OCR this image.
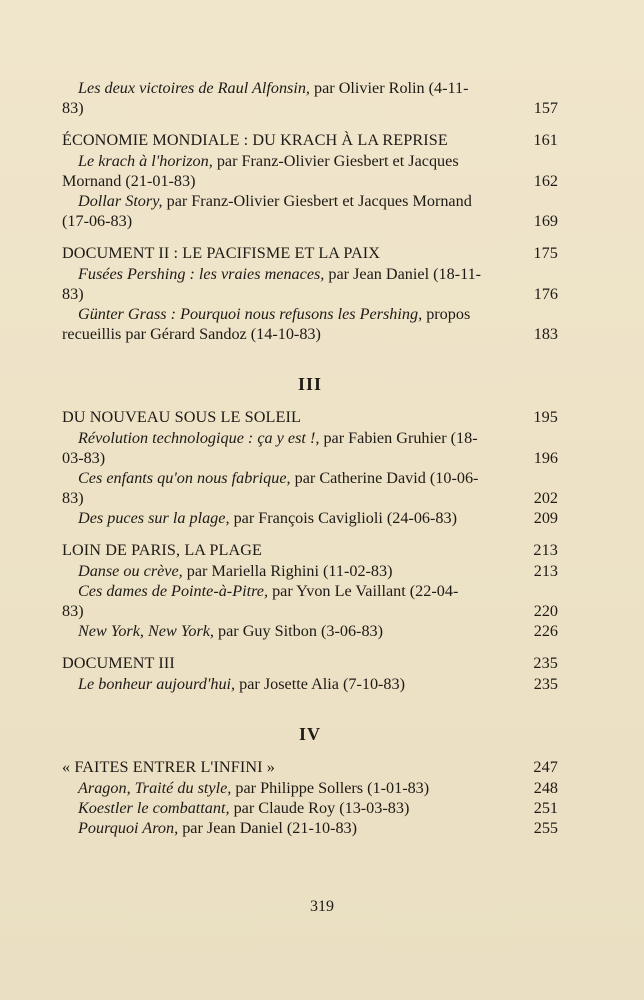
Les deux victoires de Raul Alfonsin, par Olivier Rolin (4-11-
83)	157
ÉCONOMIE MONDIALE : DU KRACH À LA REPRISE	161
Le krach à l'horizon, par Franz-Olivier Giesbert et Jacques
Mornand (21-01-83)	162
Dollar Story, par Franz-Olivier Giesbert et Jacques Mornand
(17-06-83)	169
DOCUMENT II : LE PACIFISME ET LA PAIX	175
Fusées Pershing : les vraies menaces, par Jean Daniel (18-11-
83)	176
Günter Grass : Pourquoi nous refusons les Pershing, propos
recueillis par Gérard Sandoz (14-10-83)	183
III
DU NOUVEAU SOUS LE SOLEIL	195
Révolution technologique : ça y est !, par Fabien Gruhier (18-
03-83)	196
Ces enfants qu'on nous fabrique, par Catherine David (10-06-
83)	202
Des puces sur la plage, par François Caviglioli (24-06-83)	209
LOIN DE PARIS, LA PLAGE	213
Danse ou crève, par Mariella Righini (11-02-83)	213
Ces dames de Pointe-à-Pitre, par Yvon Le Vaillant (22-04-
83)	220
New York, New York, par Guy Sitbon (3-06-83)	226
DOCUMENT III	235
Le bonheur aujourd'hui, par Josette Alia (7-10-83)	235
IV
« FAITES ENTRER L'INFINI »	247
Aragon, Traité du style, par Philippe Sollers (1-01-83)	248
Koestler le combattant, par Claude Roy (13-03-83)	251
Pourquoi Aron, par Jean Daniel (21-10-83)	255
319
